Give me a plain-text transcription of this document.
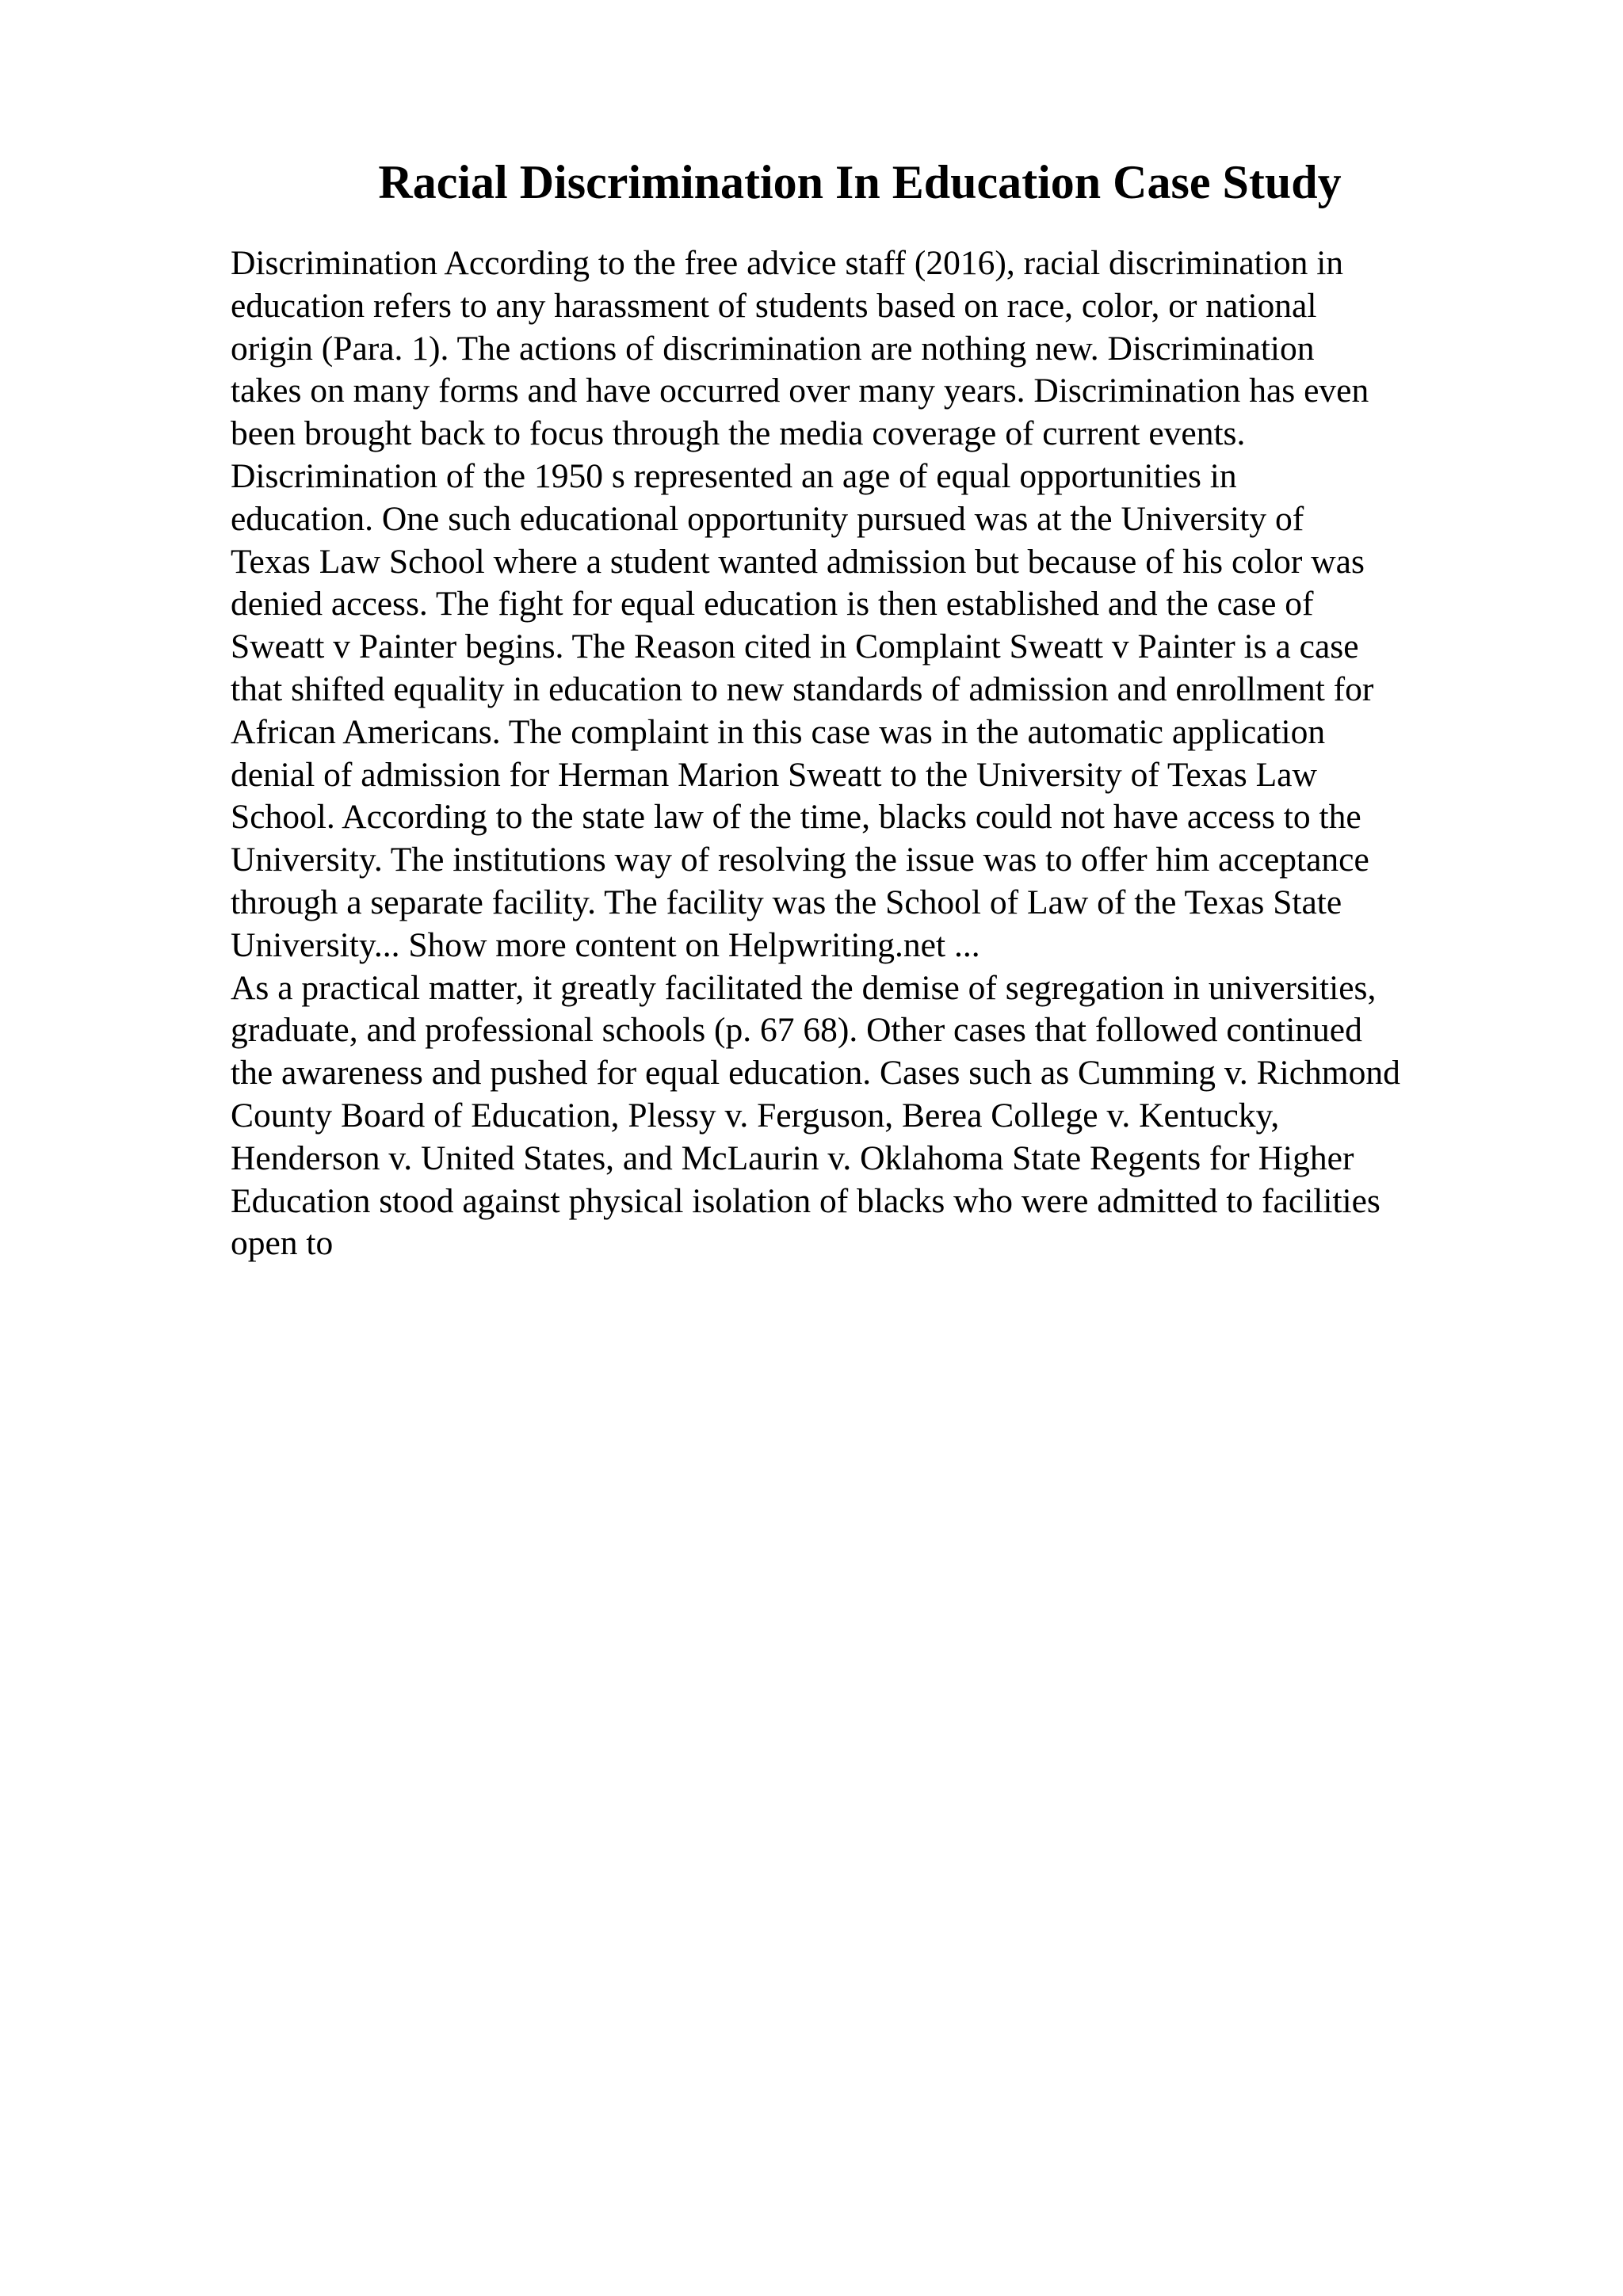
Racial Discrimination In Education Case Study
Discrimination According to the free advice staff (2016), racial discrimination in
education refers to any harassment of students based on race, color, or national
origin (Para. 1). The actions of discrimination are nothing new. Discrimination
takes on many forms and have occurred over many years. Discrimination has even
been brought back to focus through the media coverage of current events.
Discrimination of the 1950 s represented an age of equal opportunities in
education. One such educational opportunity pursued was at the University of
Texas Law School where a student wanted admission but because of his color was
denied access. The fight for equal education is then established and the case of
Sweatt v Painter begins. The Reason cited in Complaint Sweatt v Painter is a case
that shifted equality in education to new standards of admission and enrollment for
African Americans. The complaint in this case was in the automatic application
denial of admission for Herman Marion Sweatt to the University of Texas Law
School. According to the state law of the time, blacks could not have access to the
University. The institutions way of resolving the issue was to offer him acceptance
through a separate facility. The facility was the School of Law of the Texas State
University... Show more content on Helpwriting.net ...
As a practical matter, it greatly facilitated the demise of segregation in universities,
graduate, and professional schools (p. 67 68). Other cases that followed continued
the awareness and pushed for equal education. Cases such as Cumming v. Richmond
County Board of Education, Plessy v. Ferguson, Berea College v. Kentucky,
Henderson v. United States, and McLaurin v. Oklahoma State Regents for Higher
Education stood against physical isolation of blacks who were admitted to facilities
open to
